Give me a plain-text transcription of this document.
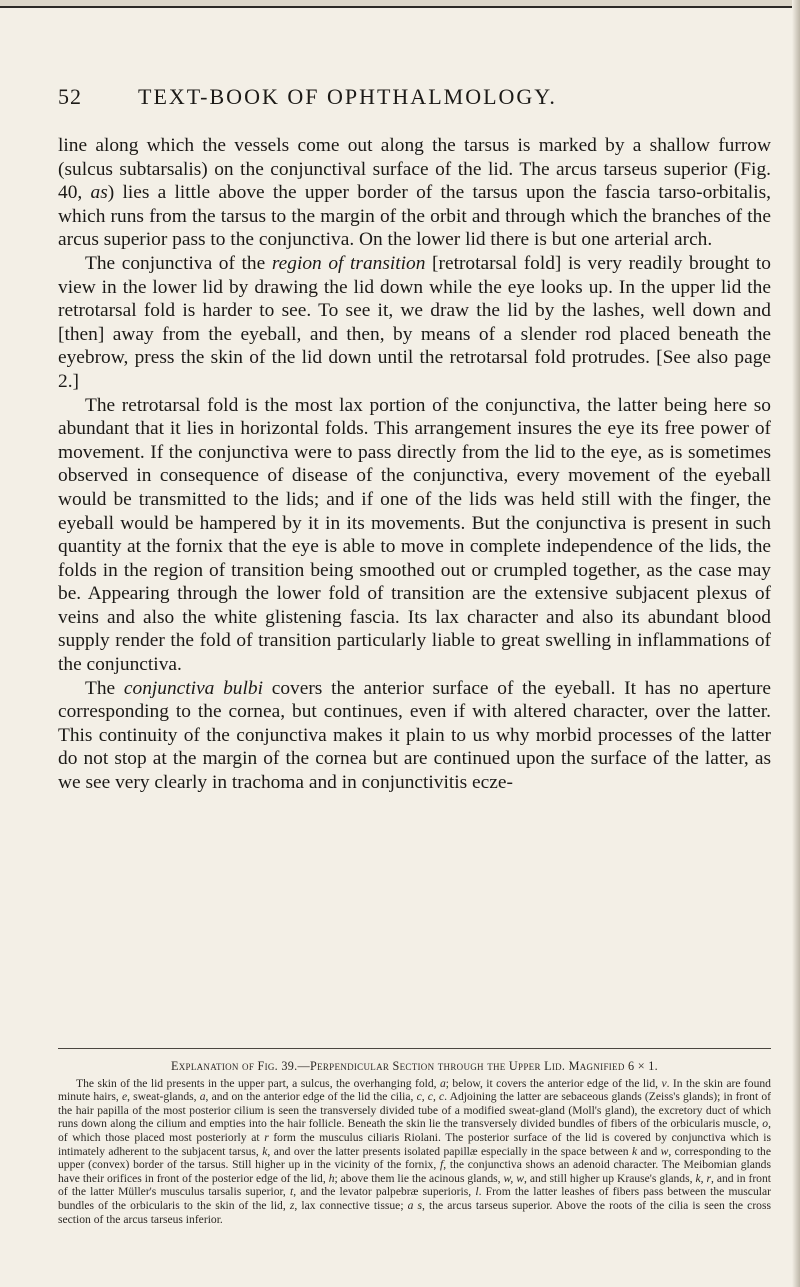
52	TEXT-BOOK OF OPHTHALMOLOGY.

line along which the vessels come out along the tarsus is marked by a shallow furrow (sulcus subtarsalis) on the conjunctival surface of the lid. The arcus tarseus superior (Fig. 40, as) lies a little above the upper border of the tarsus upon the fascia tarso-orbitalis, which runs from the tarsus to the margin of the orbit and through which the branches of the arcus superior pass to the conjunctiva. On the lower lid there is but one arterial arch.

The conjunctiva of the region of transition [retrotarsal fold] is very readily brought to view in the lower lid by drawing the lid down while the eye looks up. In the upper lid the retrotarsal fold is harder to see. To see it, we draw the lid by the lashes, well down and [then] away from the eyeball, and then, by means of a slender rod placed beneath the eyebrow, press the skin of the lid down until the retrotarsal fold protrudes. [See also page 2.]

The retrotarsal fold is the most lax portion of the conjunctiva, the latter being here so abundant that it lies in horizontal folds. This arrangement insures the eye its free power of movement. If the conjunctiva were to pass directly from the lid to the eye, as is sometimes observed in consequence of disease of the conjunctiva, every movement of the eyeball would be transmitted to the lids; and if one of the lids was held still with the finger, the eyeball would be hampered by it in its movements. But the conjunctiva is present in such quantity at the fornix that the eye is able to move in complete independence of the lids, the folds in the region of transition being smoothed out or crumpled together, as the case may be. Appearing through the lower fold of transition are the extensive subjacent plexus of veins and also the white glistening fascia. Its lax character and also its abundant blood supply render the fold of transition particularly liable to great swelling in inflammations of the conjunctiva.

The conjunctiva bulbi covers the anterior surface of the eyeball. It has no aperture corresponding to the cornea, but continues, even if with altered character, over the latter. This continuity of the conjunctiva makes it plain to us why morbid processes of the latter do not stop at the margin of the cornea but are continued upon the surface of the latter, as we see very clearly in trachoma and in conjunctivitis eczе-

Explanation of Fig. 39.—Perpendicular Section through the Upper Lid. Magnified 6 × 1.

The skin of the lid presents in the upper part, a sulcus, the overhanging fold, a; below, it covers the anterior edge of the lid, v. In the skin are found minute hairs, e, sweat-glands, a, and on the anterior edge of the lid the cilia, c, c, c. Adjoining the latter are sebaceous glands (Zeiss's glands); in front of the hair papilla of the most posterior cilium is seen the transversely divided tube of a modified sweat-gland (Moll's gland), the excretory duct of which runs down along the cilium and empties into the hair follicle. Beneath the skin lie the transversely divided bundles of fibers of the orbicularis muscle, o, of which those placed most posteriorly at r form the musculus ciliaris Riolani. The posterior surface of the lid is covered by conjunctiva which is intimately adherent to the subjacent tarsus, k, and over the latter presents isolated papillæ especially in the space between k and w, corresponding to the upper (convex) border of the tarsus. Still higher up in the vicinity of the fornix, f, the conjunctiva shows an adenoid character. The Meibomian glands have their orifices in front of the posterior edge of the lid, h; above them lie the acinous glands, w, w, and still higher up Krause's glands, k, r, and in front of the latter Müller's musculus tarsalis superior, t, and the levator palpebræ superioris, l. From the latter leashes of fibers pass between the muscular bundles of the orbicularis to the skin of the lid, z, lax connective tissue; a s, the arcus tarseus superior. Above the roots of the cilia is seen the cross section of the arcus tarseus inferior.
